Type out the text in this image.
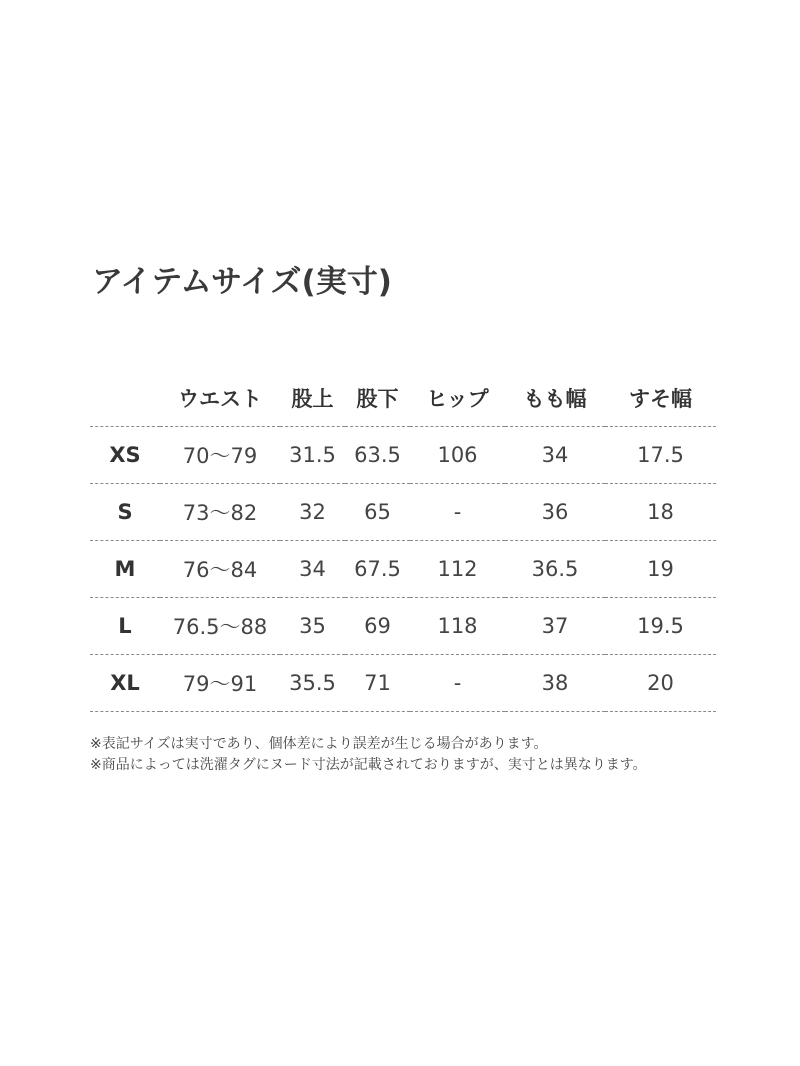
アイテムサイズ(実寸)
	ウエスト	股上	股下	ヒップ	もも幅	すそ幅
XS	70〜79	31.5	63.5	106	34	17.5
S	73〜82	32	65	-	36	18
M	76〜84	34	67.5	112	36.5	19
L	76.5〜88	35	69	118	37	19.5
XL	79〜91	35.5	71	-	38	20

※表記サイズは実寸であり、個体差により誤差が生じる場合があります。

※商品によっては洗濯タグにヌード寸法が記載されておりますが、実寸とは異なります。
